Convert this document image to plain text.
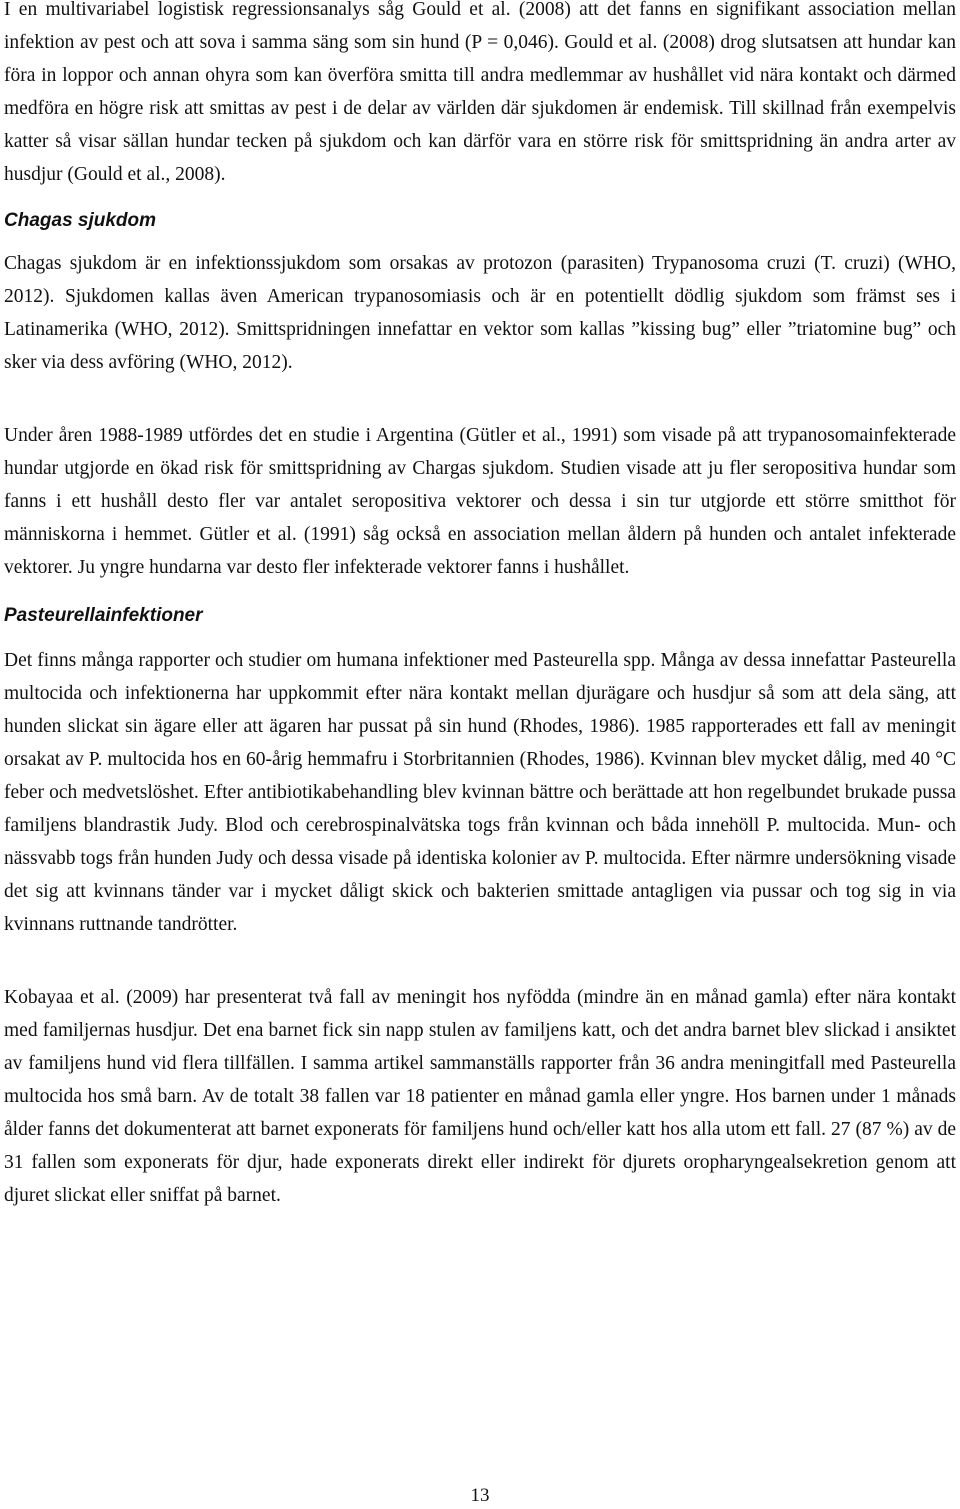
I en multivariabel logistisk regressionsanalys såg Gould et al. (2008) att det fanns en signifikant association mellan infektion av pest och att sova i samma säng som sin hund (P = 0,046). Gould et al. (2008) drog slutsatsen att hundar kan föra in loppor och annan ohyra som kan överföra smitta till andra medlemmar av hushållet vid nära kontakt och därmed medföra en högre risk att smittas av pest i de delar av världen där sjukdomen är endemisk. Till skillnad från exempelvis katter så visar sällan hundar tecken på sjukdom och kan därför vara en större risk för smittspridning än andra arter av husdjur (Gould et al., 2008).

Chagas sjukdom

Chagas sjukdom är en infektionssjukdom som orsakas av protozon (parasiten) Trypanosoma cruzi (T. cruzi) (WHO, 2012). Sjukdomen kallas även American trypanosomiasis och är en potentiellt dödlig sjukdom som främst ses i Latinamerika (WHO, 2012). Smittspridningen innefattar en vektor som kallas ”kissing bug” eller ”triatomine bug” och sker via dess avföring (WHO, 2012).

Under åren 1988-1989 utfördes det en studie i Argentina (Gütler et al., 1991) som visade på att trypanosomainfekterade hundar utgjorde en ökad risk för smittspridning av Chargas sjukdom. Studien visade att ju fler seropositiva hundar som fanns i ett hushåll desto fler var antalet seropositiva vektorer och dessa i sin tur utgjorde ett större smitthot för människorna i hemmet. Gütler et al. (1991) såg också en association mellan åldern på hunden och antalet infekterade vektorer. Ju yngre hundarna var desto fler infekterade vektorer fanns i hushållet.

Pasteurellainfektioner

Det finns många rapporter och studier om humana infektioner med Pasteurella spp. Många av dessa innefattar Pasteurella multocida och infektionerna har uppkommit efter nära kontakt mellan djurägare och husdjur så som att dela säng, att hunden slickat sin ägare eller att ägaren har pussat på sin hund (Rhodes, 1986). 1985 rapporterades ett fall av meningit orsakat av P. multocida hos en 60-årig hemmafru i Storbritannien (Rhodes, 1986). Kvinnan blev mycket dålig, med 40 °C feber och medvetslöshet. Efter antibiotikabehandling blev kvinnan bättre och berättade att hon regelbundet brukade pussa familjens blandrastik Judy. Blod och cerebrospinalvätska togs från kvinnan och båda innehöll P. multocida. Mun- och nässvabb togs från hunden Judy och dessa visade på identiska kolonier av P. multocida. Efter närmre undersökning visade det sig att kvinnans tänder var i mycket dåligt skick och bakterien smittade antagligen via pussar och tog sig in via kvinnans ruttnande tandrötter.

Kobayaa et al. (2009) har presenterat två fall av meningit hos nyfödda (mindre än en månad gamla) efter nära kontakt med familjernas husdjur. Det ena barnet fick sin napp stulen av familjens katt, och det andra barnet blev slickad i ansiktet av familjens hund vid flera tillfällen. I samma artikel sammanställs rapporter från 36 andra meningitfall med Pasteurella multocida hos små barn. Av de totalt 38 fallen var 18 patienter en månad gamla eller yngre. Hos barnen under 1 månads ålder fanns det dokumenterat att barnet exponerats för familjens hund och/eller katt hos alla utom ett fall. 27 (87 %) av de 31 fallen som exponerats för djur, hade exponerats direkt eller indirekt för djurets oropharyngealsekretion genom att djuret slickat eller sniffat på barnet.

13
